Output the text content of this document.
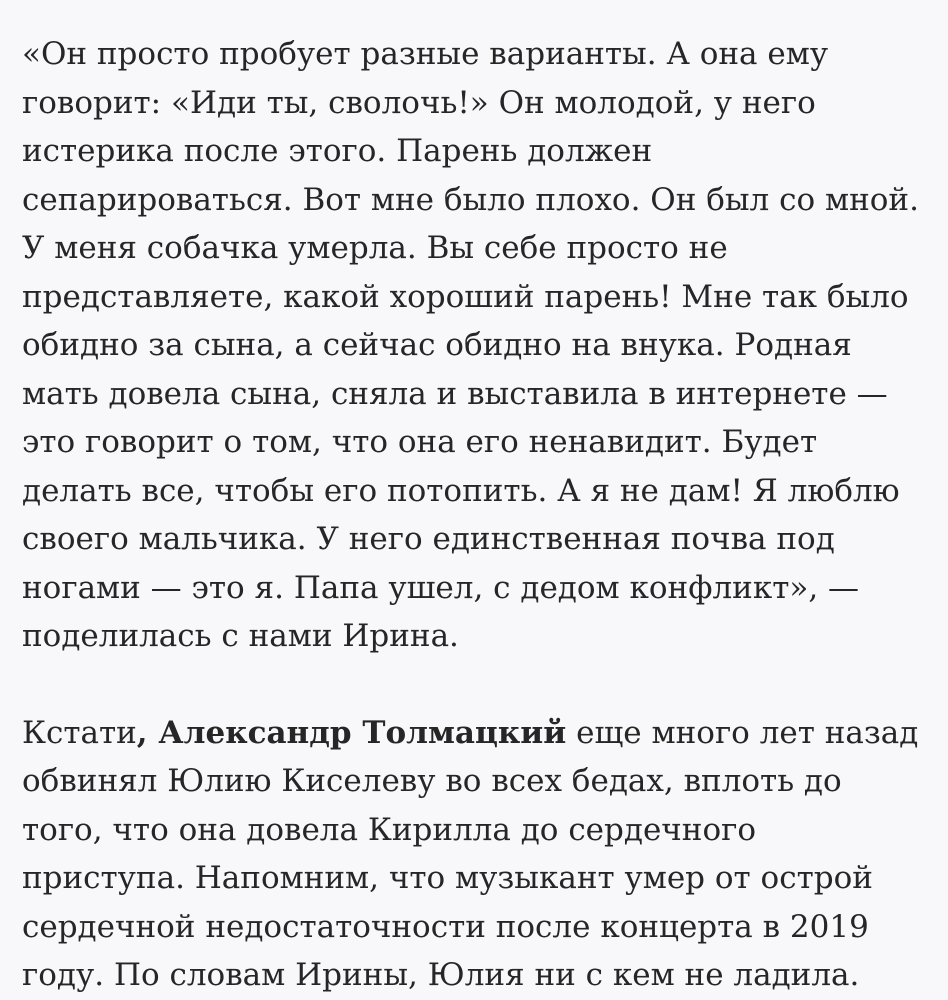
«Он просто пробует разные варианты. А она ему говорит: «Иди ты, сволочь!» Он молодой, у него истерика после этого. Парень должен сепарироваться. Вот мне было плохо. Он был со мной. У меня собачка умерла. Вы себе просто не представляете, какой хороший парень! Мне так было обидно за сына, а сейчас обидно на внука. Родная мать довела сына, сняла и выставила в интернете — это говорит о том, что она его ненавидит. Будет делать все, чтобы его потопить. А я не дам! Я люблю своего мальчика. У него единственная почва под ногами — это я. Папа ушел, с дедом конфликт», — поделилась с нами Ирина.

Кстати, Александр Толмацкий еще много лет назад обвинял Юлию Киселеву во всех бедах, вплоть до того, что она довела Кирилла до сердечного приступа. Напомним, что музыкант умер от острой сердечной недостаточности после концерта в 2019 году. По словам Ирины, Юлия ни с кем не ладила.
